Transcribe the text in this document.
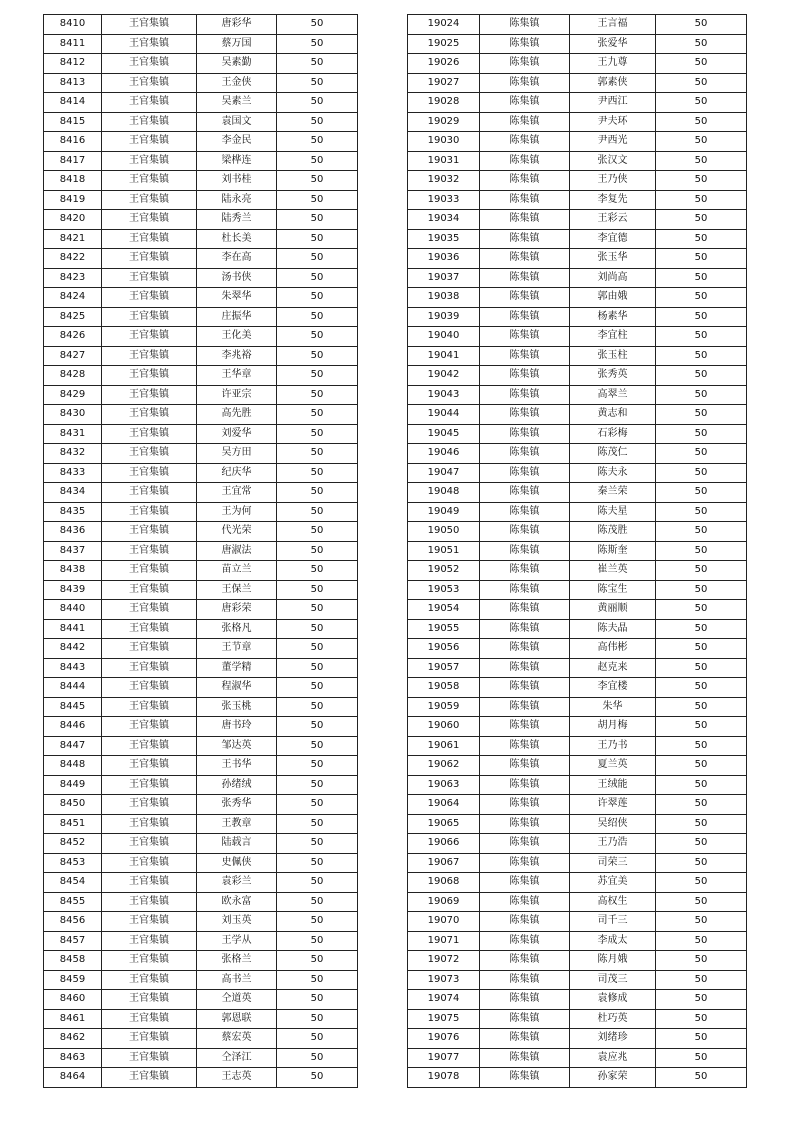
8410	王官集镇	唐彩华	50
8411	王官集镇	蔡万国	50
8412	王官集镇	吴素勤	50
8413	王官集镇	王金侠	50
8414	王官集镇	吴素兰	50
8415	王官集镇	袁国文	50
8416	王官集镇	李金民	50
8417	王官集镇	梁桦连	50
8418	王官集镇	刘书桂	50
8419	王官集镇	陆永亮	50
8420	王官集镇	陆秀兰	50
8421	王官集镇	杜长美	50
8422	王官集镇	李在高	50
8423	王官集镇	汤书侠	50
8424	王官集镇	朱翠华	50
8425	王官集镇	庄振华	50
8426	王官集镇	王化美	50
8427	王官集镇	李兆裕	50
8428	王官集镇	王华章	50
8429	王官集镇	许亚宗	50
8430	王官集镇	高先胜	50
8431	王官集镇	刘爱华	50
8432	王官集镇	吴方田	50
8433	王官集镇	纪庆华	50
8434	王官集镇	王宜常	50
8435	王官集镇	王为何	50
8436	王官集镇	代光荣	50
8437	王官集镇	唐淑法	50
8438	王官集镇	苗立兰	50
8439	王官集镇	王保兰	50
8440	王官集镇	唐彩荣	50
8441	王官集镇	张格凡	50
8442	王官集镇	王节章	50
8443	王官集镇	董学精	50
8444	王官集镇	程淑华	50
8445	王官集镇	张玉桃	50
8446	王官集镇	唐书玲	50
8447	王官集镇	邹达英	50
8448	王官集镇	王书华	50
8449	王官集镇	孙绪绒	50
8450	王官集镇	张秀华	50
8451	王官集镇	王教章	50
8452	王官集镇	陆载言	50
8453	王官集镇	史佩侠	50
8454	王官集镇	袁彩兰	50
8455	王官集镇	欧永富	50
8456	王官集镇	刘玉英	50
8457	王官集镇	王学从	50
8458	王官集镇	张格兰	50
8459	王官集镇	高书兰	50
8460	王官集镇	仝道英	50
8461	王官集镇	郭恩联	50
8462	王官集镇	蔡宏英	50
8463	王官集镇	仝泽江	50
8464	王官集镇	王志英	50
19024	陈集镇	王言福	50
19025	陈集镇	张爱华	50
19026	陈集镇	王九尊	50
19027	陈集镇	郭素侠	50
19028	陈集镇	尹西江	50
19029	陈集镇	尹夫环	50
19030	陈集镇	尹西光	50
19031	陈集镇	张汉文	50
19032	陈集镇	王乃侠	50
19033	陈集镇	李复先	50
19034	陈集镇	王彩云	50
19035	陈集镇	李宜德	50
19036	陈集镇	张玉华	50
19037	陈集镇	刘尚高	50
19038	陈集镇	郭由娥	50
19039	陈集镇	杨素华	50
19040	陈集镇	李宜柱	50
19041	陈集镇	张玉柱	50
19042	陈集镇	张秀英	50
19043	陈集镇	高翠兰	50
19044	陈集镇	黄志和	50
19045	陈集镇	石彩梅	50
19046	陈集镇	陈茂仁	50
19047	陈集镇	陈夫永	50
19048	陈集镇	秦兰荣	50
19049	陈集镇	陈夫星	50
19050	陈集镇	陈茂胜	50
19051	陈集镇	陈斯奎	50
19052	陈集镇	崔兰英	50
19053	陈集镇	陈宝生	50
19054	陈集镇	黄丽顺	50
19055	陈集镇	陈夫晶	50
19056	陈集镇	高伟彬	50
19057	陈集镇	赵克来	50
19058	陈集镇	李宜楼	50
19059	陈集镇	朱华	50
19060	陈集镇	胡月梅	50
19061	陈集镇	王乃书	50
19062	陈集镇	夏兰英	50
19063	陈集镇	王绒能	50
19064	陈集镇	许翠莲	50
19065	陈集镇	吴绍侠	50
19066	陈集镇	王乃浩	50
19067	陈集镇	司荣三	50
19068	陈集镇	苏宜美	50
19069	陈集镇	高权生	50
19070	陈集镇	司千三	50
19071	陈集镇	李成太	50
19072	陈集镇	陈月娥	50
19073	陈集镇	司茂三	50
19074	陈集镇	袁修成	50
19075	陈集镇	杜巧英	50
19076	陈集镇	刘绪珍	50
19077	陈集镇	袁应兆	50
19078	陈集镇	孙家荣	50
